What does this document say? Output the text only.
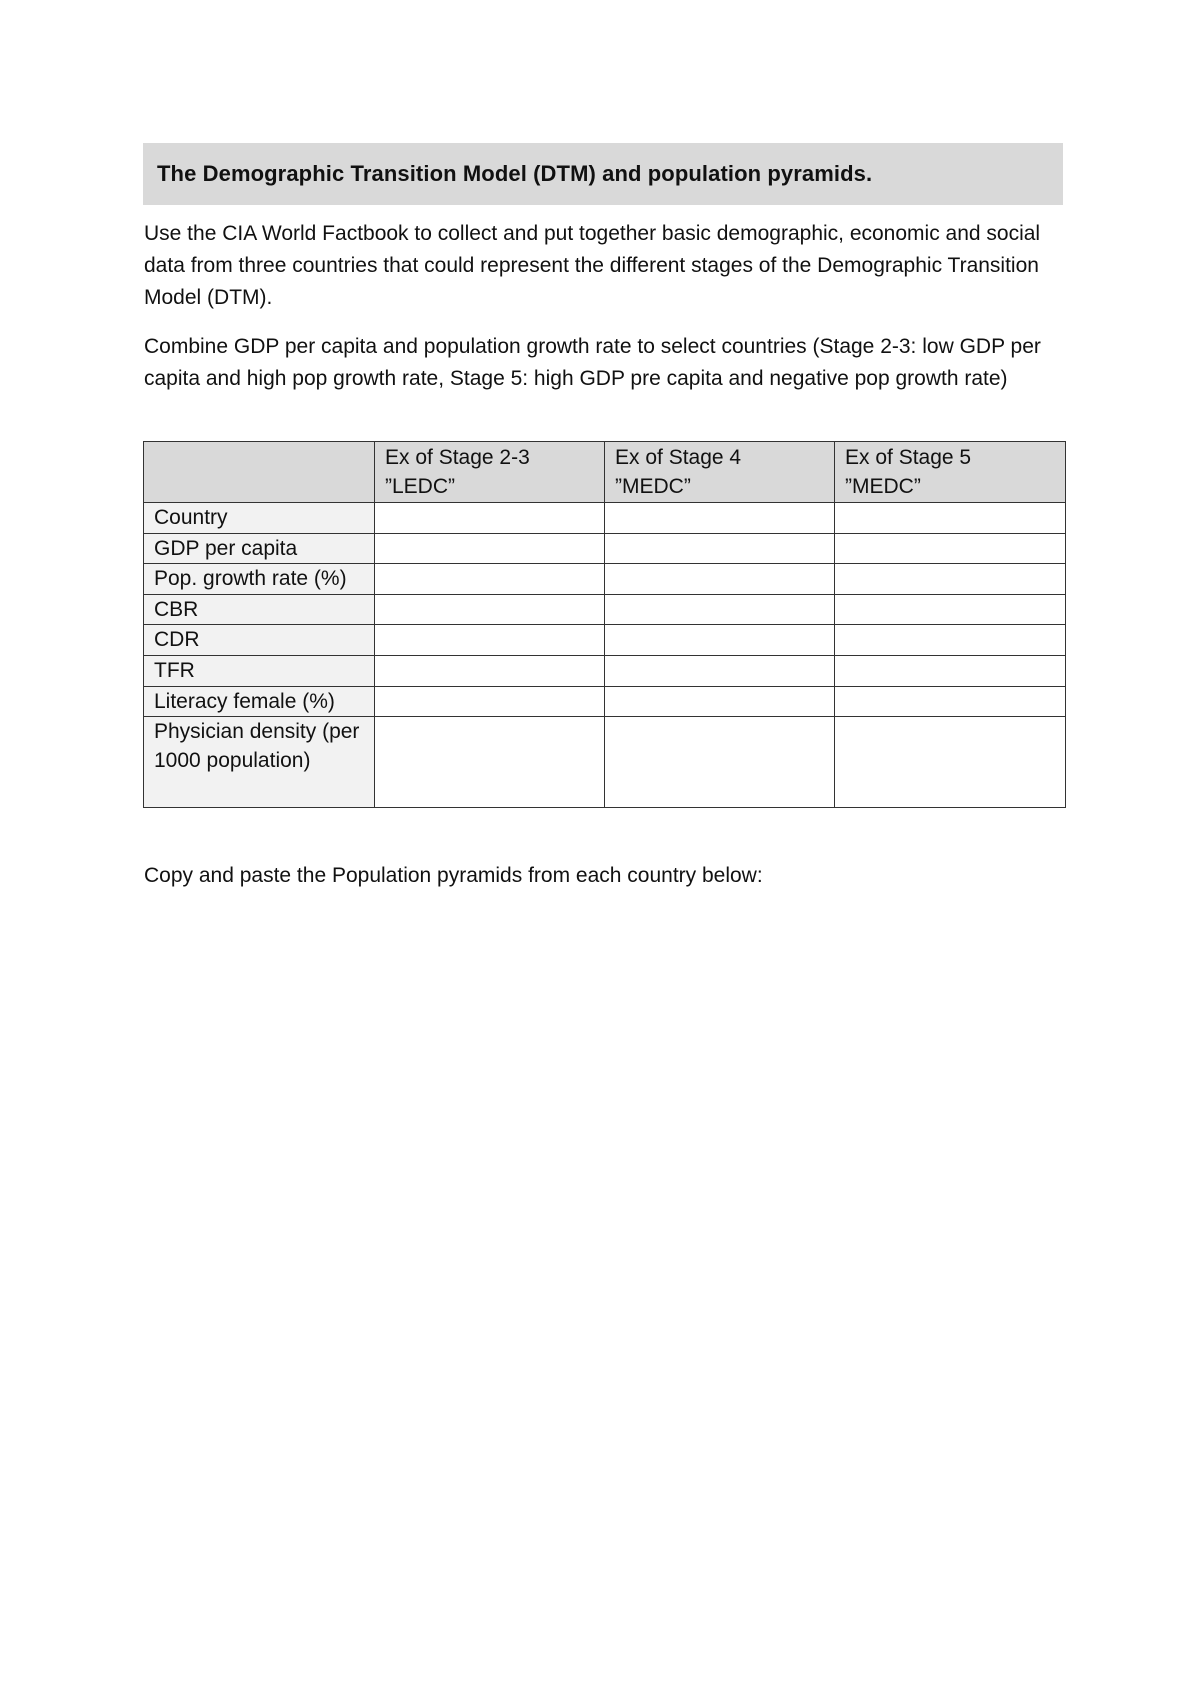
The Demographic Transition Model (DTM) and population pyramids.

Use the CIA World Factbook to collect and put together basic demographic, economic and social data from three countries that could represent the different stages of the Demographic Transition Model (DTM).

Combine GDP per capita and population growth rate to select countries (Stage 2-3: low GDP per capita and high pop growth rate, Stage 5: high GDP pre capita and negative pop growth rate)

	Ex of Stage 2-3
”LEDC”	Ex of Stage 4
”MEDC”	Ex of Stage 5
”MEDC”

Country			
GDP per capita			
Pop. growth rate (%)			
CBR			
CDR			
TFR			
Literacy female (%)			
Physician density (per 1000 population)			

Copy and paste the Population pyramids from each country below:
